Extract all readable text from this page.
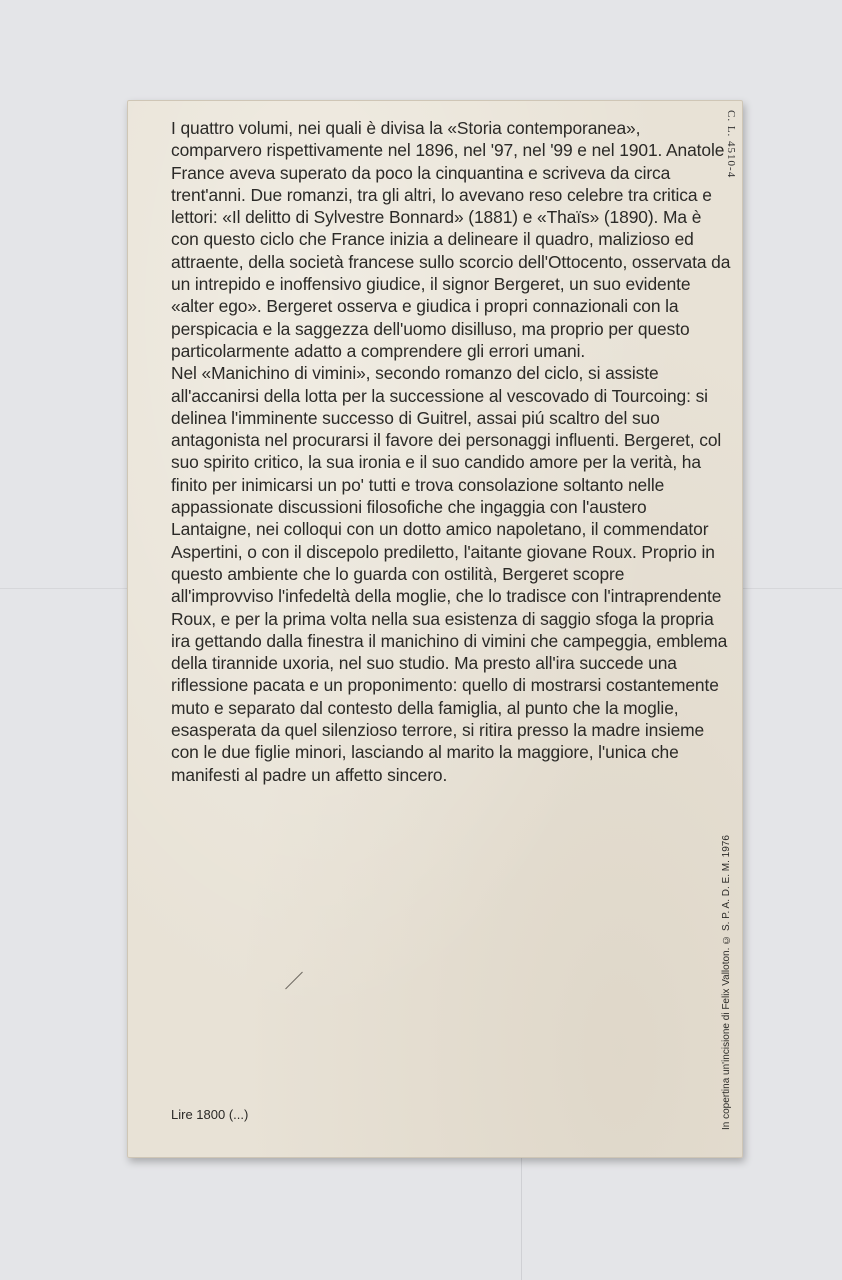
I quattro volumi, nei quali è divisa la «Storia contemporanea», comparvero rispettivamente nel 1896, nel '97, nel '99 e nel 1901. Anatole France aveva superato da poco la cinquantina e scriveva da circa trent'anni. Due romanzi, tra gli altri, lo avevano reso celebre tra critica e lettori: «Il delitto di Sylvestre Bonnard» (1881) e «Thaïs» (1890). Ma è con questo ciclo che France inizia a delineare il quadro, malizioso ed attraente, della società francese sullo scorcio dell'Ottocento, osservata da un intrepido e inoffensivo giudice, il signor Bergeret, un suo evidente «alter ego». Bergeret osserva e giudica i propri connazionali con la perspicacia e la saggezza dell'uomo disilluso, ma proprio per questo particolarmente adatto a comprendere gli errori umani.

Nel «Manichino di vimini», secondo romanzo del ciclo, si assiste all'accanirsi della lotta per la successione al vescovado di Tourcoing: si delinea l'imminente successo di Guitrel, assai piú scaltro del suo antagonista nel procurarsi il favore dei personaggi influenti. Bergeret, col suo spirito critico, la sua ironia e il suo candido amore per la verità, ha finito per inimicarsi un po' tutti e trova consolazione soltanto nelle appassionate discussioni filosofiche che ingaggia con l'austero Lantaigne, nei colloqui con un dotto amico napoletano, il commendator Aspertini, o con il discepolo prediletto, l'aitante giovane Roux. Proprio in questo ambiente che lo guarda con ostilità, Bergeret scopre all'improvviso l'infedeltà della moglie, che lo tradisce con l'intraprendente Roux, e per la prima volta nella sua esistenza di saggio sfoga la propria ira gettando dalla finestra il manichino di vimini che campeggia, emblema della tirannide uxoria, nel suo studio. Ma presto all'ira succede una riflessione pacata e un proponimento: quello di mostrarsi costantemente muto e separato dal contesto della famiglia, al punto che la moglie, esasperata da quel silenzioso terrore, si ritira presso la madre insieme con le due figlie minori, lasciando al marito la maggiore, l'unica che manifesti al padre un affetto sincero.

C. L. 4510-4
In copertina un'incisione di Felix Valloton. © S. P. A. D. E. M. 1976
Lire 1800 (...)
